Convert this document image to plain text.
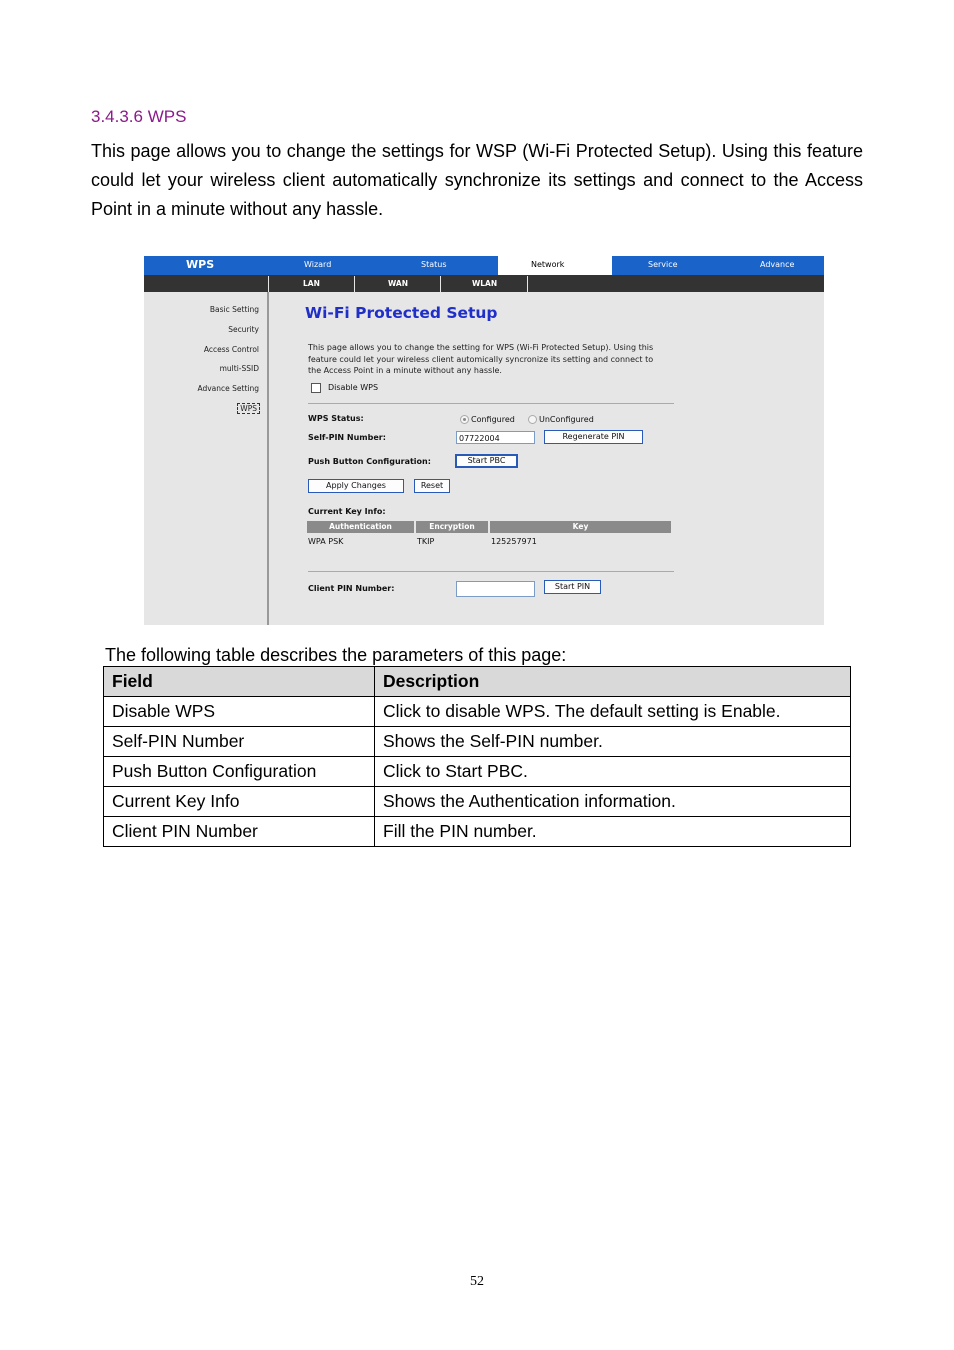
3.4.3.6 WPS

This page allows you to change the settings for WSP (Wi-Fi Protected Setup). Using this feature could let your wireless client automatically synchronize its settings and connect to the Access Point in a minute without any hassle.

WPS	Wizard	Status	Network	Service	Advance
LAN	WAN	WLAN
Basic Setting
Security
Access Control
multi-SSID
Advance Setting
WPS
Wi-Fi Protected Setup

This page allows you to change the setting for WPS (Wi-Fi Protected Setup). Using this feature could let your wireless client automically syncronize its setting and connect to the Access Point in a minute without any hassle.

Disable WPS
WPS Status:	Configured	UnConfigured
Self-PIN Number:	07722004	Regenerate PIN
Push Button Configuration:	Start PBC
Apply Changes	Reset
Current Key Info:
Authentication	Encryption	Key
WPA PSK	TKIP	125257971
Client PIN Number:	Start PIN
The following table describes the parameters of this page:
Field	Description
Disable WPS	Click to disable WPS. The default setting is Enable.
Self-PIN Number	Shows the Self-PIN number.
Push Button Configuration	Click to Start PBC.
Current Key Info	Shows the Authentication information.
Client PIN Number	Fill the PIN number.
52
